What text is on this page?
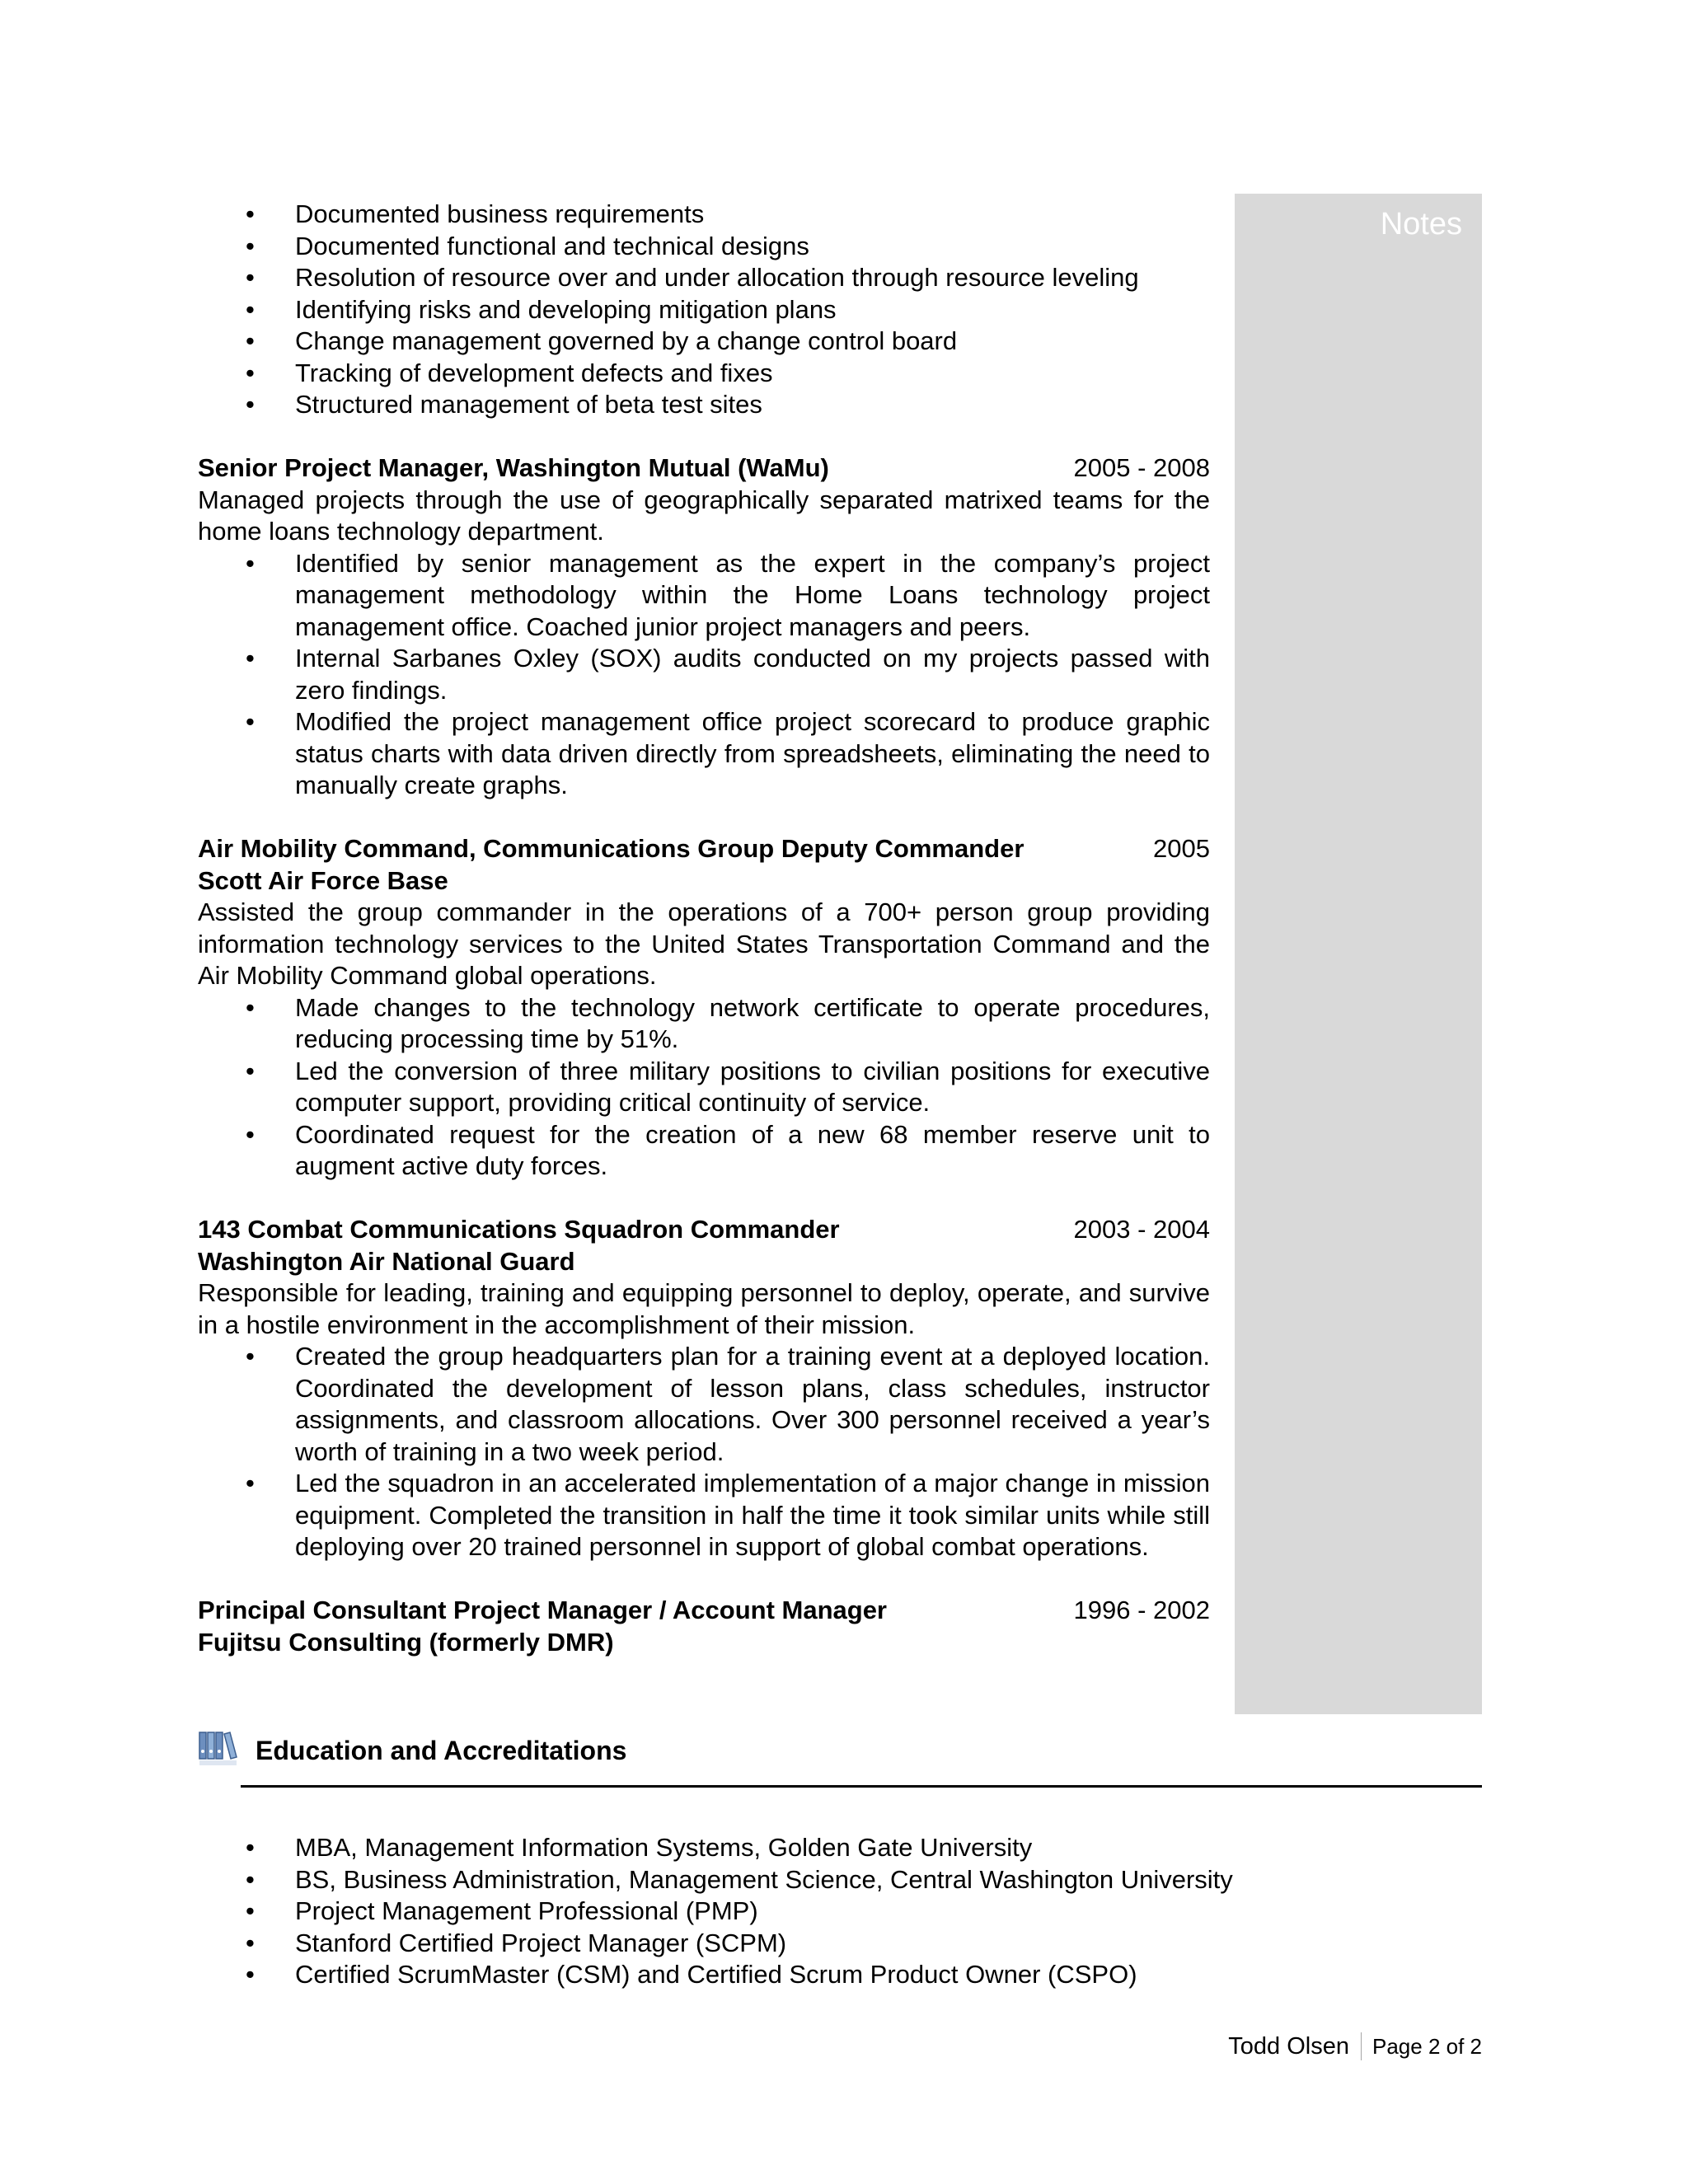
Notes
• Documented business requirements
• Documented functional and technical designs
• Resolution of resource over and under allocation through resource leveling
• Identifying risks and developing mitigation plans
• Change management governed by a change control board
• Tracking of development defects and fixes
• Structured management of beta test sites
Senior Project Manager, Washington Mutual (WaMu)	2005 - 2008
Managed projects through the use of geographically separated matrixed teams for the home loans technology department.
• Identified by senior management as the expert in the company’s project management methodology within the Home Loans technology project management office. Coached junior project managers and peers.
• Internal Sarbanes Oxley (SOX) audits conducted on my projects passed with zero findings.
• Modified the project management office project scorecard to produce graphic status charts with data driven directly from spreadsheets, eliminating the need to manually create graphs.
Air Mobility Command, Communications Group Deputy Commander	2005
Scott Air Force Base
Assisted the group commander in the operations of a 700+ person group providing information technology services to the United States Transportation Command and the Air Mobility Command global operations.
• Made changes to the technology network certificate to operate procedures, reducing processing time by 51%.
• Led the conversion of three military positions to civilian positions for executive computer support, providing critical continuity of service.
• Coordinated request for the creation of a new 68 member reserve unit to augment active duty forces.
143 Combat Communications Squadron Commander	2003 - 2004
Washington Air National Guard
Responsible for leading, training and equipping personnel to deploy, operate, and survive in a hostile environment in the accomplishment of their mission.
• Created the group headquarters plan for a training event at a deployed location. Coordinated the development of lesson plans, class schedules, instructor assignments, and classroom allocations. Over 300 personnel received a year’s worth of training in a two week period.
• Led the squadron in an accelerated implementation of a major change in mission equipment. Completed the transition in half the time it took similar units while still deploying over 20 trained personnel in support of global combat operations.
Principal Consultant Project Manager / Account Manager	1996 - 2002
Fujitsu Consulting (formerly DMR)
Education and Accreditations
• MBA, Management Information Systems, Golden Gate University
• BS, Business Administration, Management Science, Central Washington University
• Project Management Professional (PMP)
• Stanford Certified Project Manager (SCPM)
• Certified ScrumMaster (CSM) and Certified Scrum Product Owner (CSPO)
Todd Olsen Page 2 of 2
